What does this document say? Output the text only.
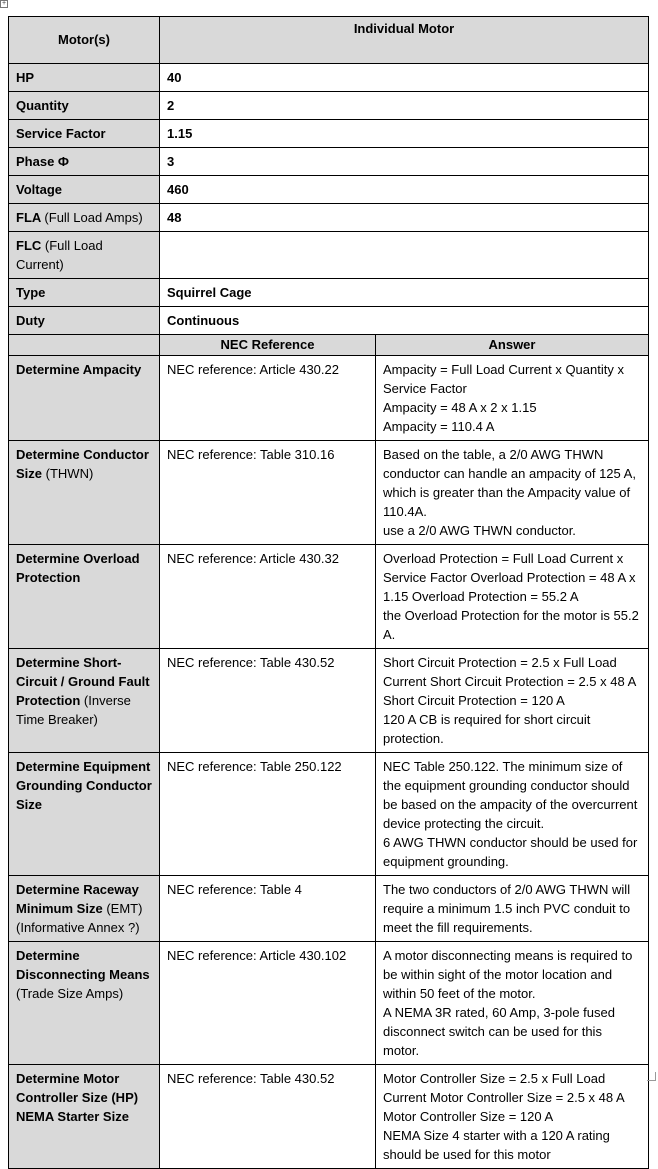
+
Motor(s)	Individual Motor	
HP	40	
Quantity	2	
Service Factor	1.15	
Phase Ф	3	
Voltage	460	
FLA (Full Load Amps)	48	
FLC (Full Load Current)		
Type	Squirrel Cage	
Duty	Continuous	
	NEC Reference	Answer
Determine Ampacity	NEC reference: Article 430.22	Ampacity = Full Load Current x Quantity x Service Factor
Ampacity = 48 A x 2 x 1.15
Ampacity = 110.4 A

Determine Conductor Size (THWN)	NEC reference: Table 310.16	Based on the table, a 2/0 AWG THWN conductor can handle an ampacity of 125 A, which is greater than the Ampacity value of 110.4A.
use a 2/0 AWG THWN conductor.

Determine Overload Protection	NEC reference: Article 430.32	Overload Protection = Full Load Current x Service Factor Overload Protection = 48 A x 1.15 Overload Protection = 55.2 A
the Overload Protection for the motor is 55.2 A.

Determine Short-Circuit / Ground Fault Protection (Inverse Time Breaker)	NEC reference: Table 430.52	Short Circuit Protection = 2.5 x Full Load Current Short Circuit Protection = 2.5 x 48 A Short Circuit Protection = 120 A
120 A CB is required for short circuit protection.

Determine Equipment Grounding Conductor Size	NEC reference: Table 250.122	NEC Table 250.122. The minimum size of the equipment grounding conductor should be based on the ampacity of the overcurrent device protecting the circuit.
6 AWG THWN conductor should be used for equipment grounding.

Determine Raceway Minimum Size (EMT) (Informative Annex ?)	NEC reference: Table 4	The two conductors of 2/0 AWG THWN will require a minimum 1.5 inch PVC conduit to meet the fill requirements.

Determine Disconnecting Means (Trade Size Amps)	NEC reference: Article 430.102	A motor disconnecting means is required to be within sight of the motor location and within 50 feet of the motor.
A NEMA 3R rated, 60 Amp, 3-pole fused disconnect switch can be used for this motor.

Determine Motor Controller Size (HP) NEMA Starter Size	NEC reference: Table 430.52	Motor Controller Size = 2.5 x Full Load Current Motor Controller Size = 2.5 x 48 A Motor Controller Size = 120 A
NEMA Size 4 starter with a 120 A rating should be used for this motor
